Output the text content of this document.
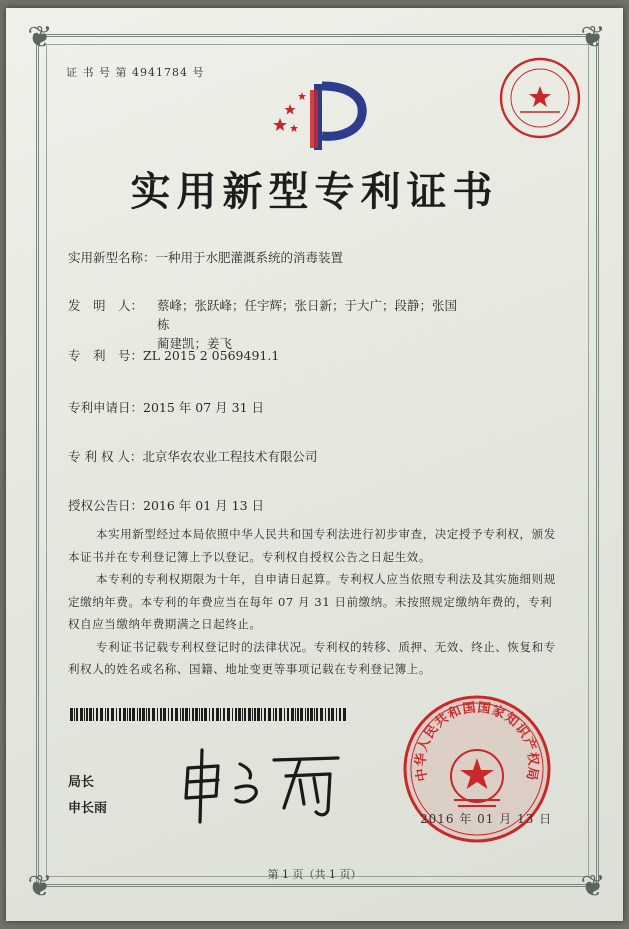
❦	❦
❦	❦
证 书 号 第 4941784 号
实用新型专利证书
实用新型名称：一种用于水肥灌溉系统的消毒装置
发　明　人： 蔡峰；张跃峰；任宇辉；张日新；于大广；段静；张国栋
蔺建凯；姜飞
专　利　号：ZL 2015 2 0569491.1
专利申请日：2015 年 07 月 31 日
专 利 权 人：北京华农农业工程技术有限公司
授权公告日：2016 年 01 月 13 日

本实用新型经过本局依照中华人民共和国专利法进行初步审查，决定授予专利权，颁发本证书并在专利登记簿上予以登记。专利权自授权公告之日起生效。

本专利的专利权期限为十年，自申请日起算。专利权人应当依照专利法及其实施细则规定缴纳年费。本专利的年费应当在每年 07 月 31 日前缴纳。未按照规定缴纳年费的，专利权自应当缴纳年费期满之日起终止。

专利证书记载专利权登记时的法律状况。专利权的转移、质押、无效、终止、恢复和专利权人的姓名或名称、国籍、地址变更等事项记载在专利登记簿上。

局长
申长雨
中华人民共和国国家知识产权局
2016 年 01 月 13 日
第 1 页（共 1 页）
